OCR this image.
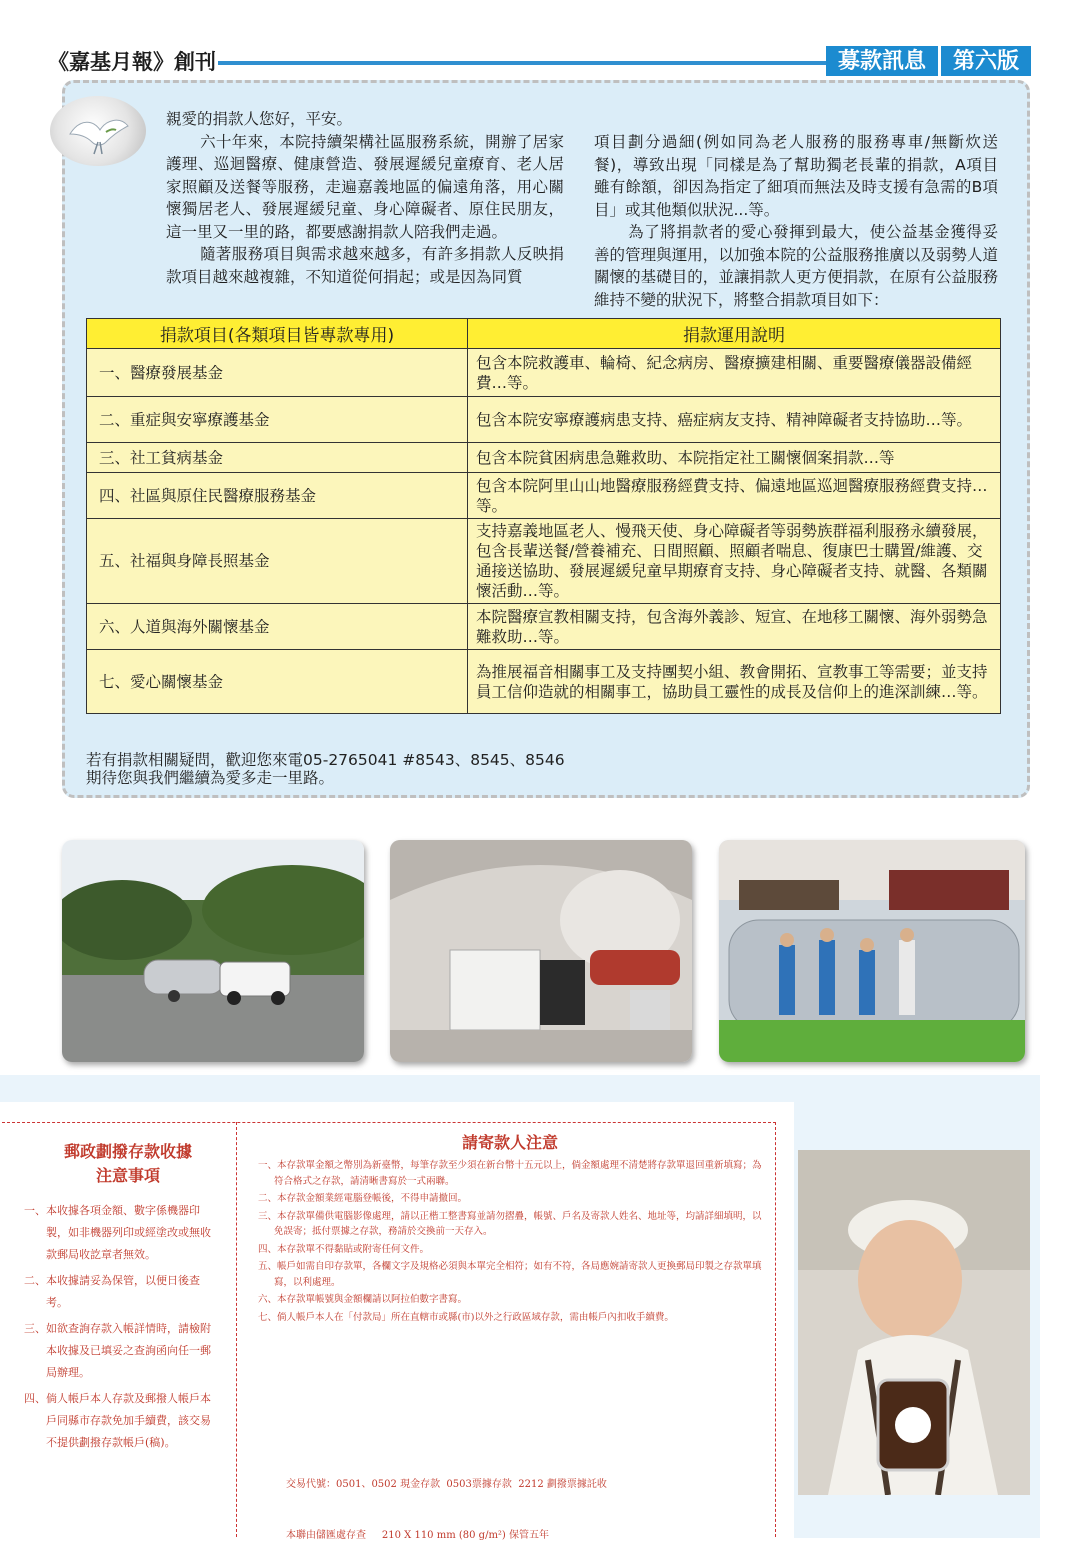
《嘉基月報》創刊	募款訊息	第六版

親愛的捐款人您好，平安。

六十年來，本院持續架構社區服務系統，開辦了居家護理、巡迴醫療、健康營造、發展遲緩兒童療育、老人居家照顧及送餐等服務，走遍嘉義地區的偏遠角落，用心關懷獨居老人、發展遲緩兒童、身心障礙者、原住民朋友，這一里又一里的路，都要感謝捐款人陪我們走過。

隨著服務項目與需求越來越多，有許多捐款人反映捐款項目越來越複雜，不知道從何捐起；或是因為同質

項目劃分過細(例如同為老人服務的服務專車/無斷炊送餐)，導致出現「同樣是為了幫助獨老長輩的捐款，A項目雖有餘額，卻因為指定了細項而無法及時支援有急需的B項目」或其他類似狀況...等。

為了將捐款者的愛心發揮到最大，使公益基金獲得妥善的管理與運用，以加強本院的公益服務推廣以及弱勢人道關懷的基礎目的，並讓捐款人更方便捐款，在原有公益服務維持不變的狀況下，將整合捐款項目如下：

捐款項目(各類項目皆專款專用)	捐款運用說明
一、醫療發展基金	包含本院救護車、輪椅、紀念病房、醫療擴建相關、重要醫療儀器設備經費…等。
二、重症與安寧療護基金	包含本院安寧療護病患支持、癌症病友支持、精神障礙者支持協助…等。
三、社工貧病基金	包含本院貧困病患急難救助、本院指定社工關懷個案捐款…等
四、社區與原住民醫療服務基金	包含本院阿里山山地醫療服務經費支持、偏遠地區巡迴醫療服務經費支持…等。
五、社福與身障長照基金	支持嘉義地區老人、慢飛天使、身心障礙者等弱勢族群福利服務永續發展，包含長輩送餐/營養補充、日間照顧、照顧者喘息、復康巴士購置/維護、交通接送協助、發展遲緩兒童早期療育支持、身心障礙者支持、就醫、各類關懷活動…等。
六、人道與海外關懷基金	本院醫療宣教相關支持，包含海外義診、短宣、在地移工關懷、海外弱勢急難救助…等。
七、愛心關懷基金	為推展福音相關事工及支持團契小組、教會開拓、宣教事工等需要；並支持員工信仰造就的相關事工，協助員工靈性的成長及信仰上的進深訓練…等。
若有捐款相關疑問，歡迎您來電05-2765041 #8543、8545、8546
期待您與我們繼續為愛多走一里路。
郵政劃撥存款收據
注意事項

一、本收據各項金額、數字係機器印製，如非機器列印或經塗改或無收款郵局收訖章者無效。

二、本收據請妥為保管，以便日後查考。

三、如欲查詢存款入帳詳情時，請檢附本收據及已填妥之查詢函向任一郵局辦理。

四、倘人帳戶本人存款及郵撥人帳戶本戶同縣市存款免加手續費，該交易不提供劃撥存款帳戶(稿)。

請寄款人注意

一、本存款單金額之幣別為新臺幣，每筆存款至少須在新台幣十五元以上，倘金額處理不清楚將存款單退回重新填寫；為符合格式之存款，請清晰書寫於一式兩聯。

二、本存款金額業經電腦登帳後，不得申請撤回。

三、本存款單備供電腦影像處理，請以正楷工整書寫並請勿摺疊，帳號、戶名及寄款人姓名、地址等，均請詳細填明，以免誤寄；抵付票據之存款，務請於交換前一天存入。

四、本存款單不得黏貼或附寄任何文件。

五、帳戶如需自印存款單，各欄文字及規格必須與本單完全相符；如有不符，各局應婉請寄款人更換郵局印製之存款單填寫，以利處理。

六、本存款單帳號與金額欄請以阿拉伯數字書寫。

七、倘人帳戶本人在「付款局」所在直轄市或縣(市)以外之行政區域存款，需由帳戶內扣收手續費。

交易代號：0501、0502 現金存款  0503票據存款  2212 劃撥票據託收

本聯由儲匯處存查     210 X 110 mm (80 g/m²) 保管五年
